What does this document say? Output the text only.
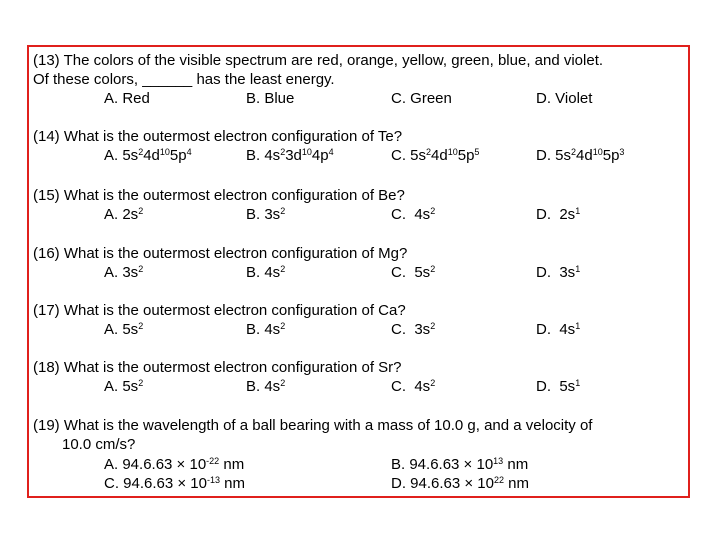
(13) The colors of the visible spectrum are red, orange, yellow, green, blue, and violet.
Of these colors, ______ has the least energy.
A. Red	B. Blue	C. Green	D. Violet
(14) What is the outermost electron configuration of Te?
A. $5s^24d^{10}5p^4$	B. $4s^23d^{10}4p^4$	C. $5s^24d^{10}5p^5$	D. $5s^24d^{10}5p^3$
(15) What is the outermost electron configuration of Be?
A. $2s^2$	B. $3s^2$	C.  $4s^2$	D.  $2s^1$
(16) What is the outermost electron configuration of Mg?
A. $3s^2$	B. $4s^2$	C.  $5s^2$	D.  $3s^1$
(17) What is the outermost electron configuration of Ca?
A. $5s^2$	B. $4s^2$	C.  $3s^2$	D.  $4s^1$
(18) What is the outermost electron configuration of Sr?
A. $5s^2$	B. $4s^2$	C.  $4s^2$	D.  $5s^1$
(19) What is the wavelength of a ball bearing with a mass of 10.0 g, and a velocity of
10.0 cm/s?
A. $94.6.63 \times 10^{-22}$ nm	B. $94.6.63 \times 10^{13}$ nm
C. $94.6.63 \times 10^{-13}$ nm	D. $94.6.63 \times 10^{22}$ nm
